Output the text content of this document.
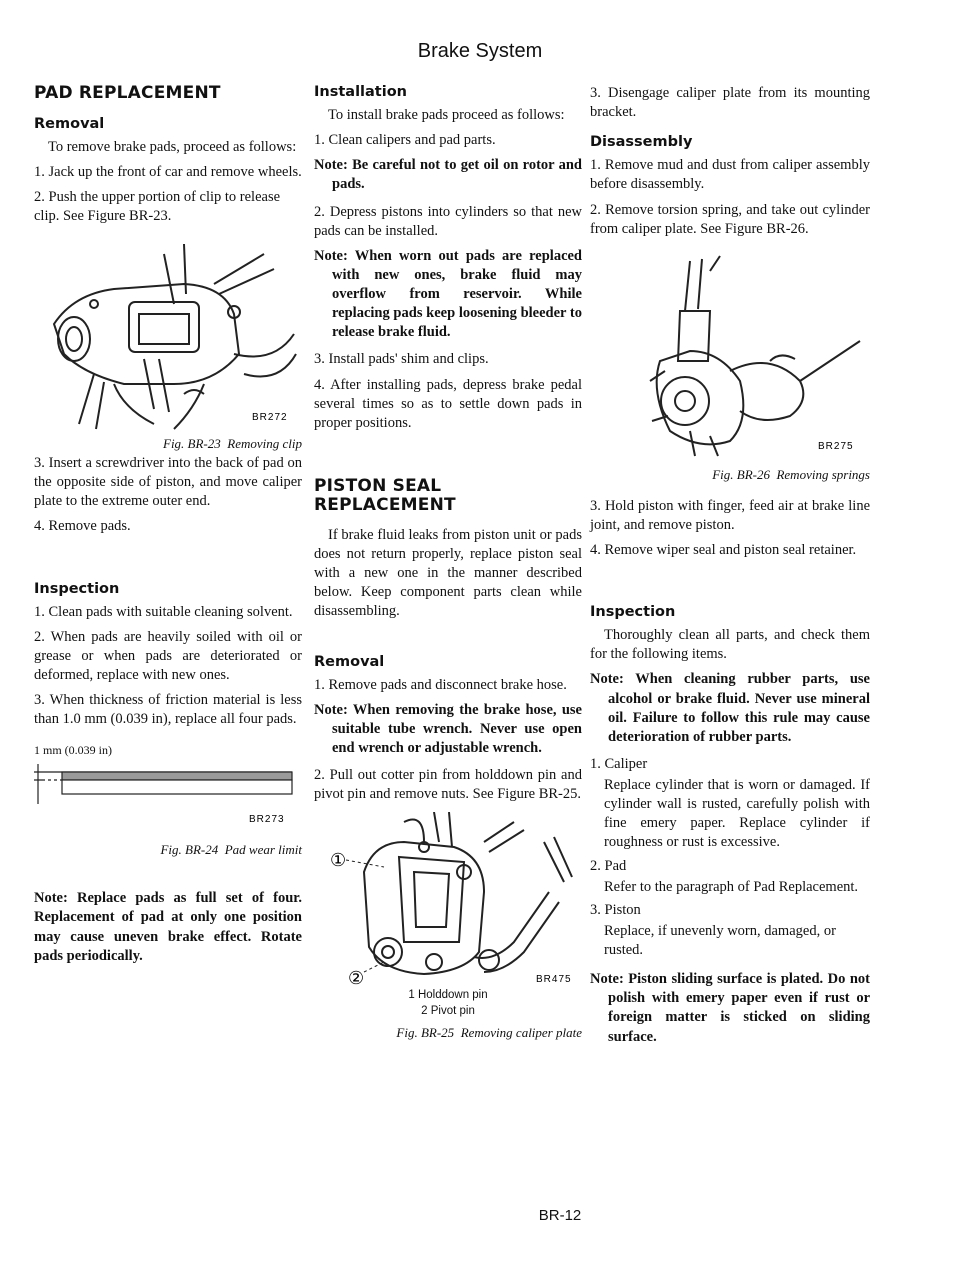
Brake System
PAD REPLACEMENT
Removal

To remove brake pads, proceed as follows:

1. Jack up the front of car and remove wheels.

2. Push the upper portion of clip to release clip. See Figure BR-23.

BR272
Fig. BR-23 Removing clip

3. Insert a screwdriver into the back of pad on the opposite side of piston, and move caliper plate to the extreme outer end.

4. Remove pads.

Inspection

1. Clean pads with suitable cleaning solvent.

2. When pads are heavily soiled with oil or grease or when pads are deteriorated or deformed, replace with new ones.

3. When thickness of friction material is less than 1.0 mm (0.039 in), replace all four pads.

1 mm (0.039 in)
BR273
Fig. BR-24 Pad wear limit

Note: Replace pads as full set of four. Replacement of pad at only one position may cause uneven brake effect. Rotate pads periodically.

Installation

To install brake pads proceed as follows:

1. Clean calipers and pad parts.

Note: Be careful not to get oil on rotor and pads.

2. Depress pistons into cylinders so that new pads can be installed.

Note: When worn out pads are replaced with new ones, brake fluid may overflow from reservoir. While replacing pads keep loosening bleeder to release brake fluid.

3. Install pads' shim and clips.

4. After installing pads, depress brake pedal several times so as to settle down pads in proper positions.

PISTON SEAL
REPLACEMENT

If brake fluid leaks from piston unit or pads does not return properly, replace piston seal with a new one in the manner described below. Keep component parts clean while disassembling.

Removal

1. Remove pads and disconnect brake hose.

Note: When removing the brake hose, use suitable tube wrench. Never use open end wrench or adjustable wrench.

2. Pull out cotter pin from holddown pin and pivot pin and remove nuts. See Figure BR-25.

①
②	BR475
1 Holddown pin
2 Pivot pin
Fig. BR-25 Removing caliper plate

3. Disengage caliper plate from its mounting bracket.

Disassembly

1. Remove mud and dust from caliper assembly before disassembly.

2. Remove torsion spring, and take out cylinder from caliper plate. See Figure BR-26.

BR275
Fig. BR-26 Removing springs

3. Hold piston with finger, feed air at brake line joint, and remove piston.

4. Remove wiper seal and piston seal retainer.

Inspection

Thoroughly clean all parts, and check them for the following items.

Note: When cleaning rubber parts, use alcohol or brake fluid. Never use mineral oil. Failure to follow this rule may cause deterioration of rubber parts.

1. Caliper

Replace cylinder that is worn or damaged. If cylinder wall is rusted, carefully polish with fine emery paper. Replace cylinder if roughness or rust is excessive.

2. Pad

Refer to the paragraph of Pad Replacement.

3. Piston

Replace, if unevenly worn, damaged, or rusted.

Note: Piston sliding surface is plated. Do not polish with emery paper even if rust or foreign matter is sticked on sliding surface.

BR-12
